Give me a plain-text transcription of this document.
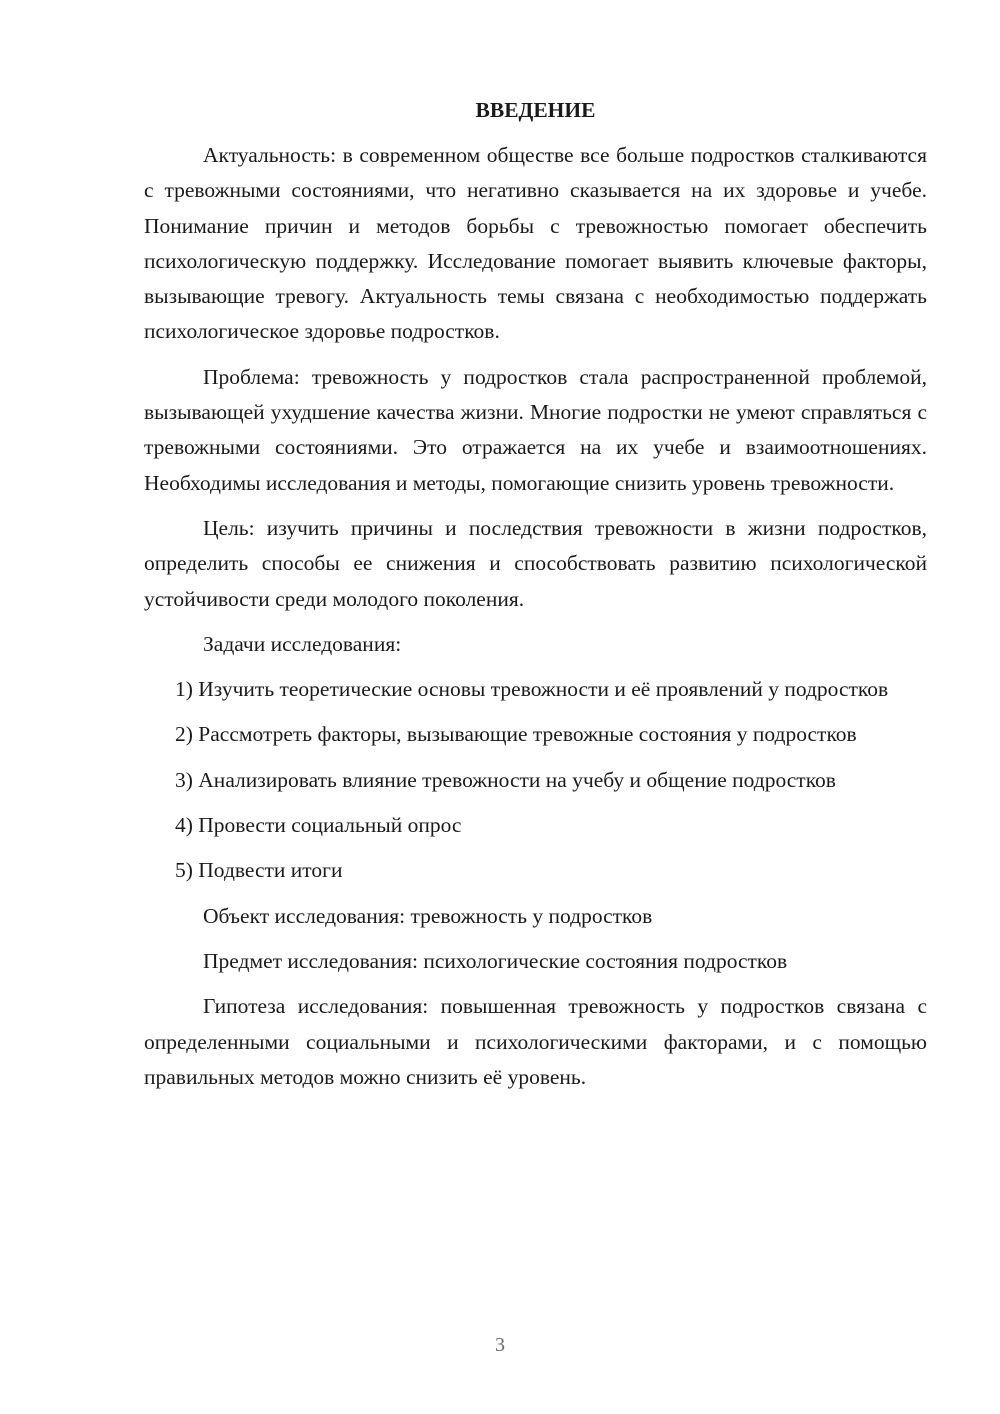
ВВЕДЕНИЕ

Актуальность: в современном обществе все больше подростков сталкиваются с тревожными состояниями, что негативно сказывается на их здоровье и учебе. Понимание причин и методов борьбы с тревожностью помогает обеспечить психологическую поддержку. Исследование помогает выявить ключевые факторы, вызывающие тревогу. Актуальность темы связана с необходимостью поддержать психологическое здоровье подростков.

Проблема: тревожность у подростков стала распространенной проблемой, вызывающей ухудшение качества жизни. Многие подростки не умеют справляться с тревожными состояниями. Это отражается на их учебе и взаимоотношениях. Необходимы исследования и методы, помогающие снизить уровень тревожности.

Цель: изучить причины и последствия тревожности в жизни подростков, определить способы ее снижения и способствовать развитию психологической устойчивости среди молодого поколения.

Задачи исследования:

1) Изучить теоретические основы тревожности и её проявлений у подростков

2) Рассмотреть факторы, вызывающие тревожные состояния у подростков

3) Анализировать влияние тревожности на учебу и общение подростков

4) Провести социальный опрос

5) Подвести итоги

Объект исследования: тревожность у подростков

Предмет исследования: психологические состояния подростков

Гипотеза исследования: повышенная тревожность у подростков связана с определенными социальными и психологическими факторами, и с помощью правильных методов можно снизить её уровень.

3
